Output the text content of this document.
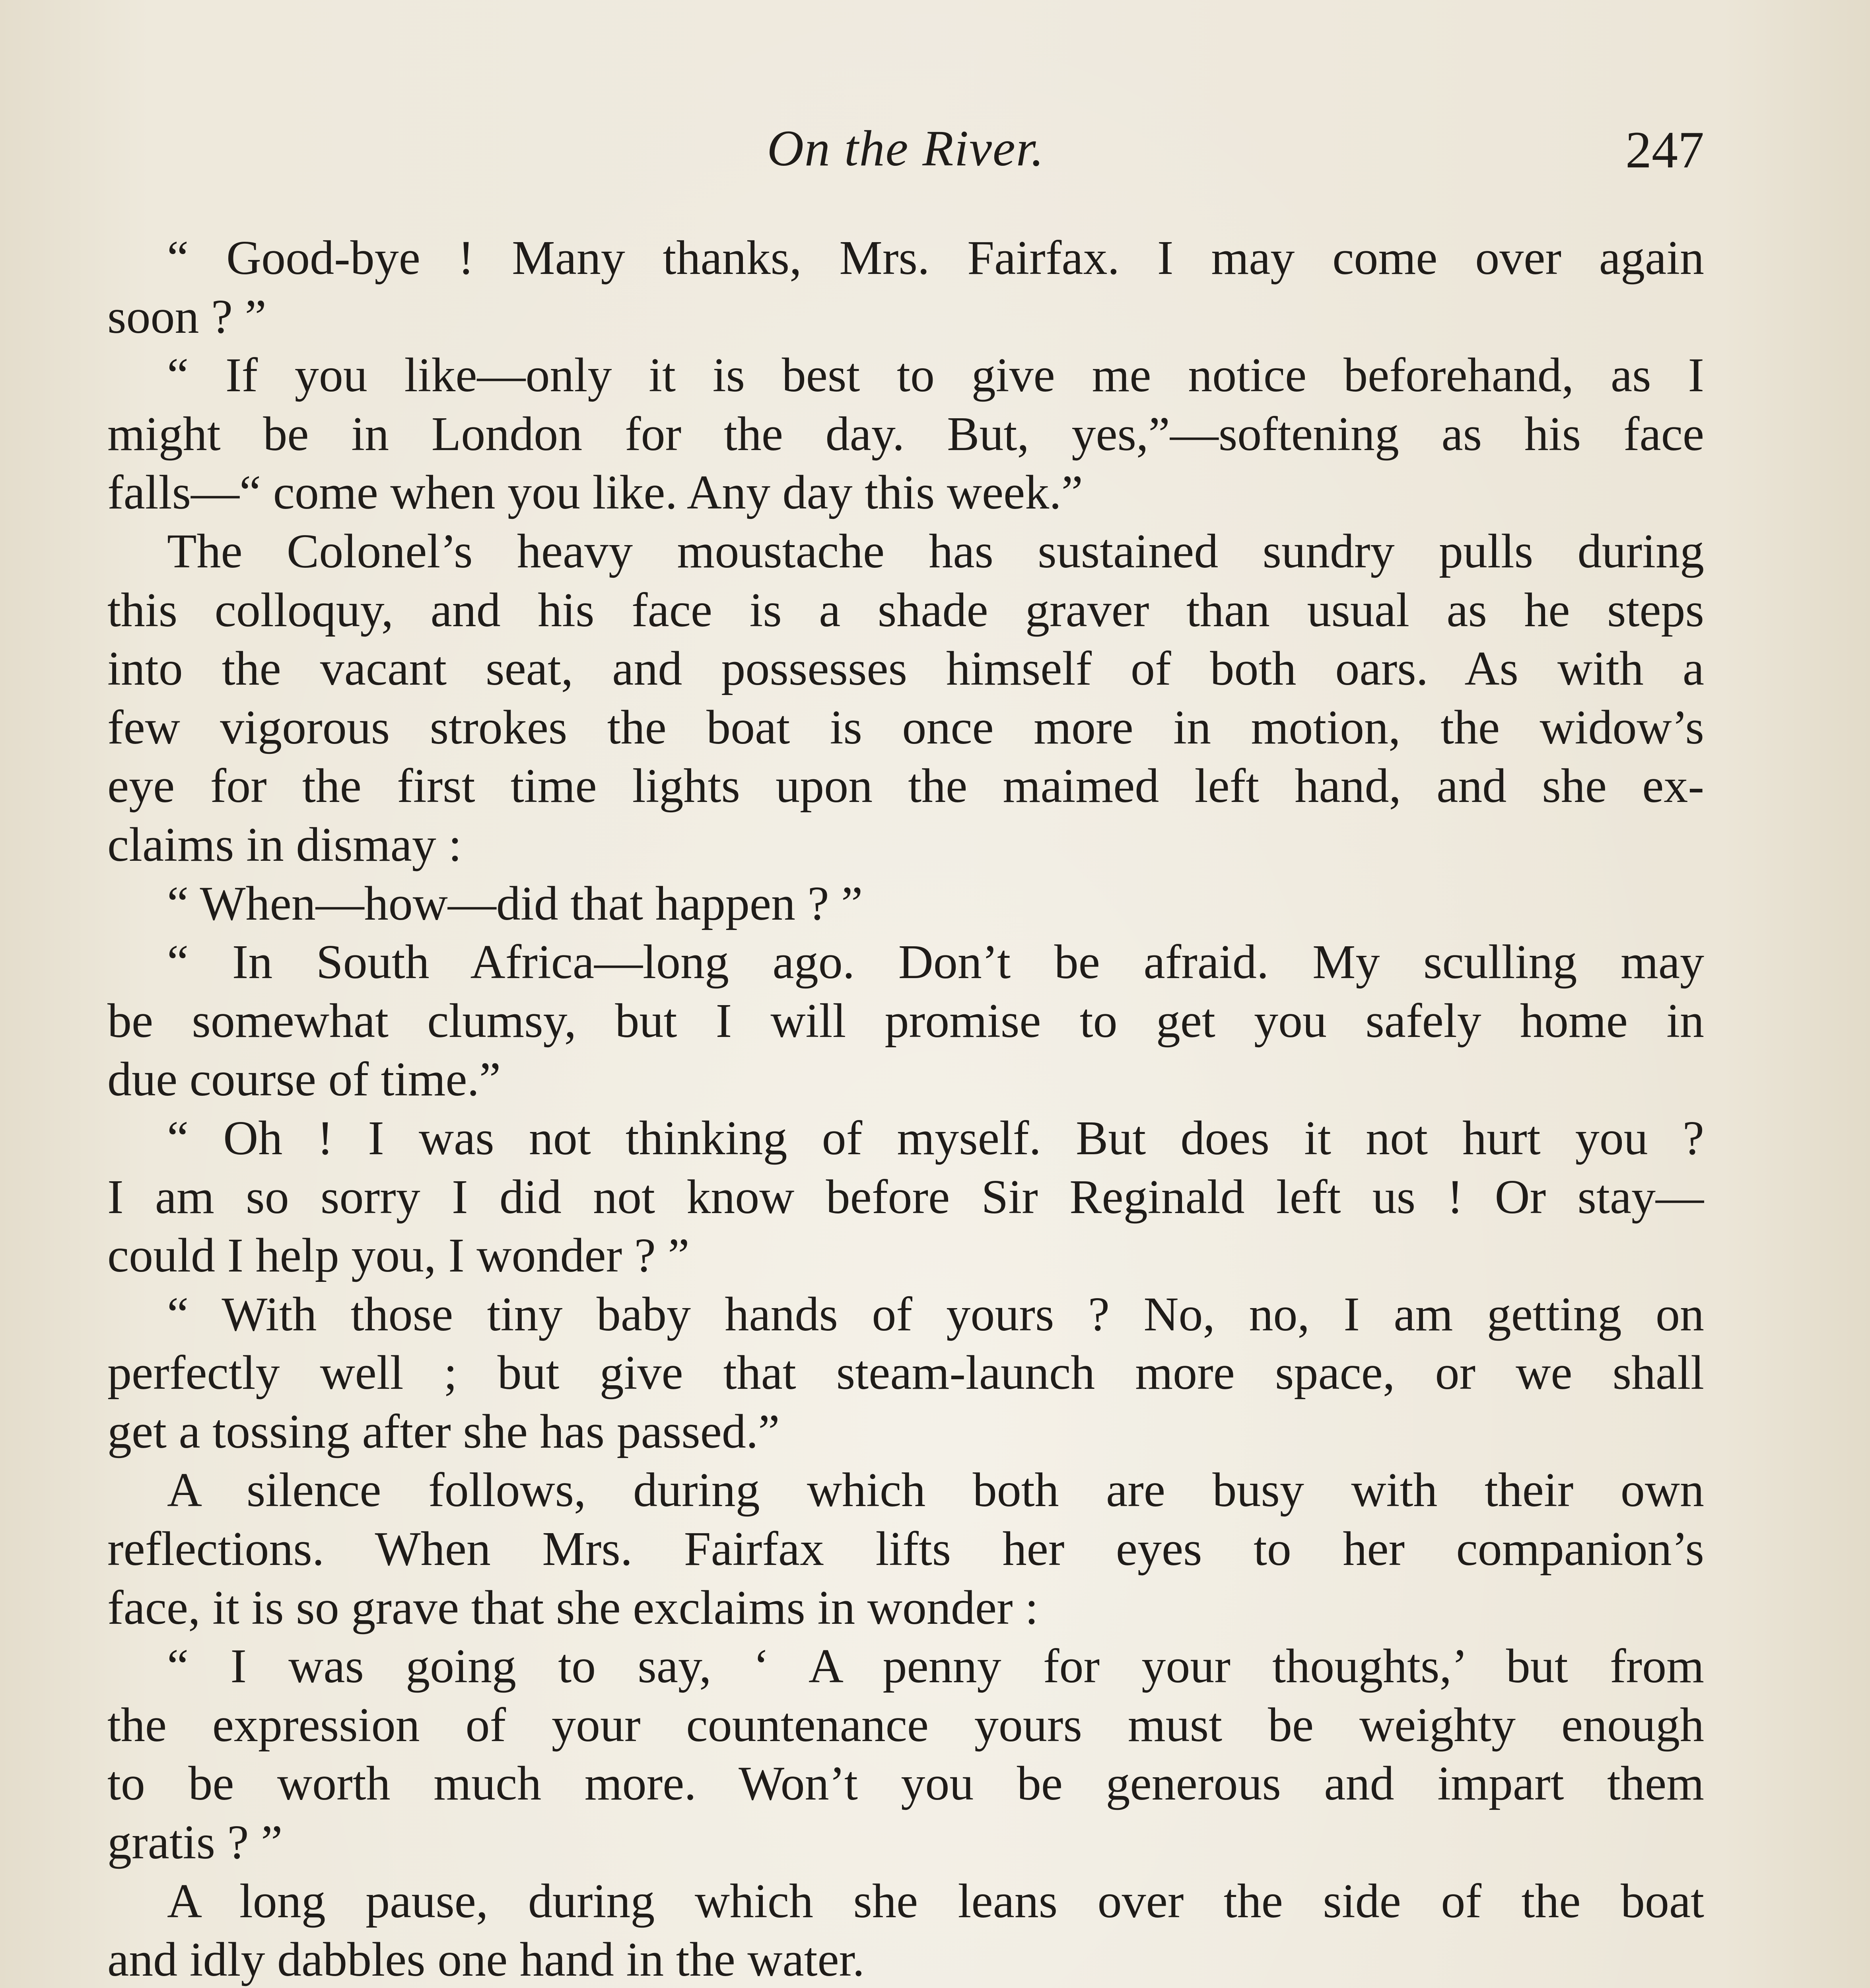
On the River.	247
“ Good-bye ! Many thanks, Mrs. Fairfax. I may come over again
soon ? ”
“ If you like—only it is best to give me notice beforehand, as I
might be in London for the day. But, yes,”—softening as his face
falls—“ come when you like. Any day this week.”
The Colonel’s heavy moustache has sustained sundry pulls during
this colloquy, and his face is a shade graver than usual as he steps
into the vacant seat, and possesses himself of both oars. As with a
few vigorous strokes the boat is once more in motion, the widow’s
eye for the first time lights upon the maimed left hand, and she ex-
claims in dismay :
“ When—how—did that happen ? ”
“ In South Africa—long ago. Don’t be afraid. My sculling may
be somewhat clumsy, but I will promise to get you safely home in
due course of time.”
“ Oh ! I was not thinking of myself. But does it not hurt you ?
I am so sorry I did not know before Sir Reginald left us ! Or stay—
could I help you, I wonder ? ”
“ With those tiny baby hands of yours ? No, no, I am getting on
perfectly well ; but give that steam-launch more space, or we shall
get a tossing after she has passed.”
A silence follows, during which both are busy with their own
reflections. When Mrs. Fairfax lifts her eyes to her companion’s
face, it is so grave that she exclaims in wonder :
“ I was going to say, ‘ A penny for your thoughts,’ but from
the expression of your countenance yours must be weighty enough
to be worth much more. Won’t you be generous and impart them
gratis ? ”
A long pause, during which she leans over the side of the boat
and idly dabbles one hand in the water.
